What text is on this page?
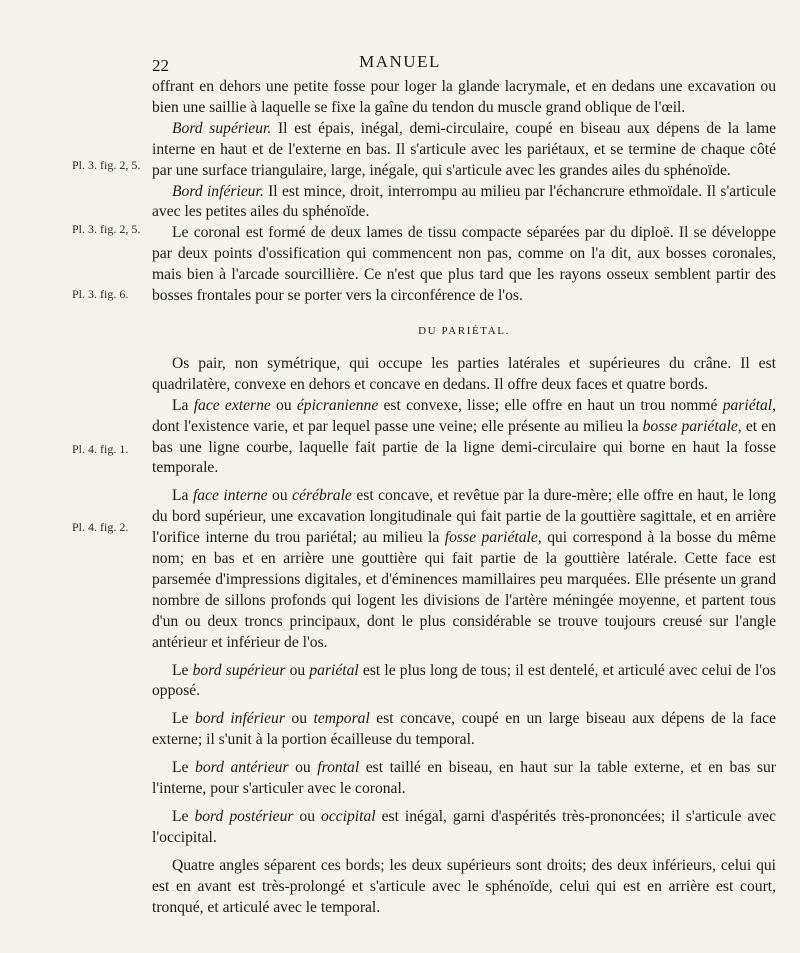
22	MANUEL
Pl. 3. fig. 2, 5.
Pl. 3. fig. 2, 5.
Pl. 3. fig. 6.
Pl. 4. fig. 1.
Pl. 4. fig. 2.

offrant en dehors une petite fosse pour loger la glande lacrymale, et en dedans une excavation ou bien une saillie à laquelle se fixe la gaîne du tendon du muscle grand oblique de l'œil.

Bord supérieur. Il est épais, inégal, demi-circulaire, coupé en biseau aux dépens de la lame interne en haut et de l'externe en bas. Il s'articule avec les pariétaux, et se termine de chaque côté par une surface triangulaire, large, inégale, qui s'articule avec les grandes ailes du sphénoïde.

Bord inférieur. Il est mince, droit, interrompu au milieu par l'échancrure ethmoïdale. Il s'articule avec les petites ailes du sphénoïde.

Le coronal est formé de deux lames de tissu compacte séparées par du diploë. Il se développe par deux points d'ossification qui commencent non pas, comme on l'a dit, aux bosses coronales, mais bien à l'arcade sourcillière. Ce n'est que plus tard que les rayons osseux semblent partir des bosses frontales pour se porter vers la circonférence de l'os.

DU PARIÉTAL.

Os pair, non symétrique, qui occupe les parties latérales et supérieures du crâne. Il est quadrilatère, convexe en dehors et concave en dedans. Il offre deux faces et quatre bords.

La face externe ou épicranienne est convexe, lisse; elle offre en haut un trou nommé pariétal, dont l'existence varie, et par lequel passe une veine; elle présente au milieu la bosse pariétale, et en bas une ligne courbe, laquelle fait partie de la ligne demi-circulaire qui borne en haut la fosse temporale.

La face interne ou cérébrale est concave, et revêtue par la dure-mère; elle offre en haut, le long du bord supérieur, une excavation longitudinale qui fait partie de la gouttière sagittale, et en arrière l'orifice interne du trou pariétal; au milieu la fosse pariétale, qui correspond à la bosse du même nom; en bas et en arrière une gouttière qui fait partie de la gouttière latérale. Cette face est parsemée d'impressions digitales, et d'éminences mamillaires peu marquées. Elle présente un grand nombre de sillons profonds qui logent les divisions de l'artère méningée moyenne, et partent tous d'un ou deux troncs principaux, dont le plus considérable se trouve toujours creusé sur l'angle antérieur et inférieur de l'os.

Le bord supérieur ou pariétal est le plus long de tous; il est dentelé, et articulé avec celui de l'os opposé.

Le bord inférieur ou temporal est concave, coupé en un large biseau aux dépens de la face externe; il s'unit à la portion écailleuse du temporal.

Le bord antérieur ou frontal est taillé en biseau, en haut sur la table externe, et en bas sur l'interne, pour s'articuler avec le coronal.

Le bord postérieur ou occipital est inégal, garni d'aspérités très-prononcées; il s'articule avec l'occipital.

Quatre angles séparent ces bords; les deux supérieurs sont droits; des deux inférieurs, celui qui est en avant est très-prolongé et s'articule avec le sphénoïde, celui qui est en arrière est court, tronqué, et articulé avec le temporal.
